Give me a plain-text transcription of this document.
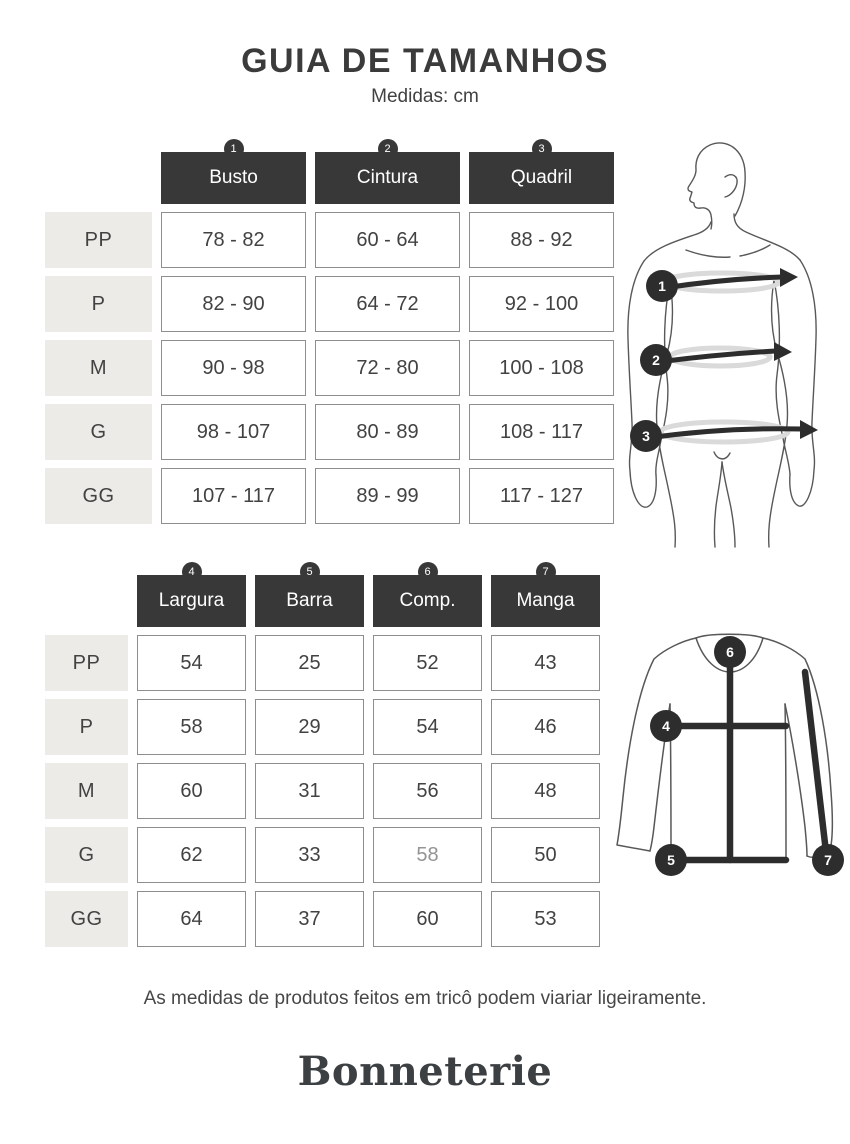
GUIA DE TAMANHOS
Medidas: cm
1
Busto
2
Cintura
3
Quadril
PP	78 - 82	60 - 64	88 - 92
P	82 - 90	64 - 72	92 - 100
M	90 - 98	72 - 80	100 - 108
G	98 - 107	80 - 89	108 - 117
GG	107 - 117	89 - 99	117 - 127
4
Largura
5
Barra
6
Comp.
7
Manga
PP	54	25	52	43
P	58	29	54	46
M	60	31	56	48
G	62	33	58	50
GG	64	37	60	53
1
2
3
6
4
5	7
As medidas de produtos feitos em tricô podem viariar ligeiramente.
Bonneterie
